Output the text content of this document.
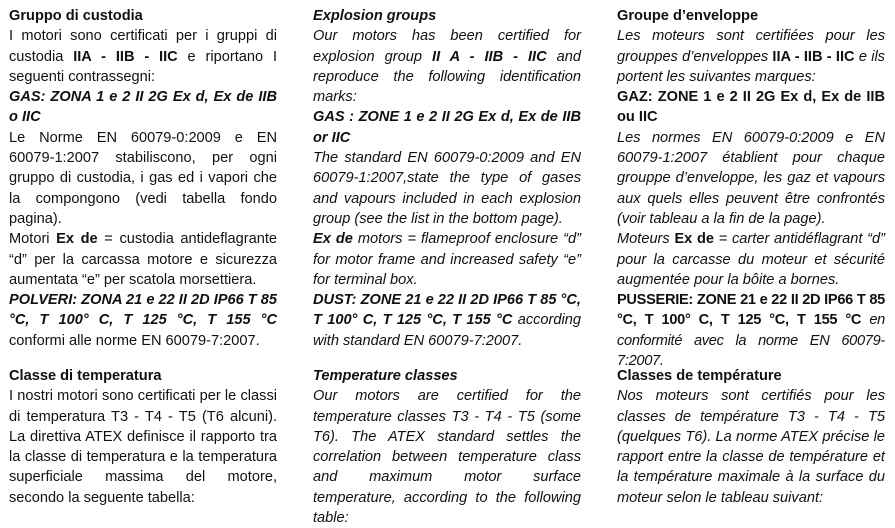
Gruppo di custodia

I motori sono certificati per i gruppi di custodia IIA - IIB - IIC e riportano I seguenti contrassegni:

GAS: ZONA 1 e 2 II 2G Ex d, Ex de IIB o IIC

Le Norme EN 60079-0:2009 e EN 60079-1:2007 stabiliscono, per ogni gruppo di custodia, i gas ed i vapori che la compongono (vedi tabella fondo pagina).

Motori Ex de = custodia antideflagrante “d” per la carcassa motore e sicurezza aumentata “e” per scatola morsettiera.

POLVERI: ZONA 21 e 22 II 2D IP66 T 85 °C, T 100° C, T 125 °C, T 155 °C conformi alle norme EN 60079-7:2007.

Classe di temperatura

I nostri motori sono certificati per le classi di temperatura T3 - T4 - T5 (T6 alcuni). La direttiva ATEX definisce il rapporto tra la classe di temperatura e la temperatura superficiale massima del motore, secondo la seguente tabella:

Explosion groups

Our motors has been certified for explosion group II A - IIB - IIC and reproduce the following identification marks:

GAS : ZONE 1 e 2 II 2G Ex d, Ex de IIB or IIC

The standard EN 60079-0:2009 and EN 60079-1:2007,state the type of gases and vapours included in each explosion group (see the list in the bottom page).

Ex de motors = flameproof enclosure “d” for motor frame and increased safety “e” for terminal box.

DUST: ZONE 21 e 22 II 2D IP66 T 85 °C, T 100° C, T 125 °C, T 155 °C according with standard EN 60079-7:2007.

Temperature classes

Our motors are certified for the temperature classes T3 - T4 - T5 (some T6). The ATEX standard settles the correlation between temperature class and maximum motor surface temperature, according to the following table:

Groupe d’enveloppe

Les moteurs sont certifiées pour les grouppes d’enveloppes IIA - IIB - IIC e ils portent les suivantes marques:

GAZ: ZONE 1 e 2 II 2G Ex d, Ex de IIB ou IIC

Les normes EN 60079-0:2009 e EN 60079-1:2007 établient pour chaque grouppe d’enveloppe, les gaz et vapours aux quels elles peuvent être confrontés (voir tableau a la fin de la page).

Moteurs Ex de = carter antidéflagrant “d” pour la carcasse du moteur et sécurité augmentée pour la bôite a bornes.

PUSSERIE: ZONE 21 e 22 II 2D IP66 T 85 °C, T 100° C, T 125 °C, T 155 °C en conformité avec la norme EN 60079-7:2007.

Classes de température

Nos moteurs sont certifiés pour les classes de température T3 - T4 - T5 (quelques T6). La norme ATEX précise le rapport entre la classe de température et la température maximale à la surface du moteur selon le tableau suivant:
